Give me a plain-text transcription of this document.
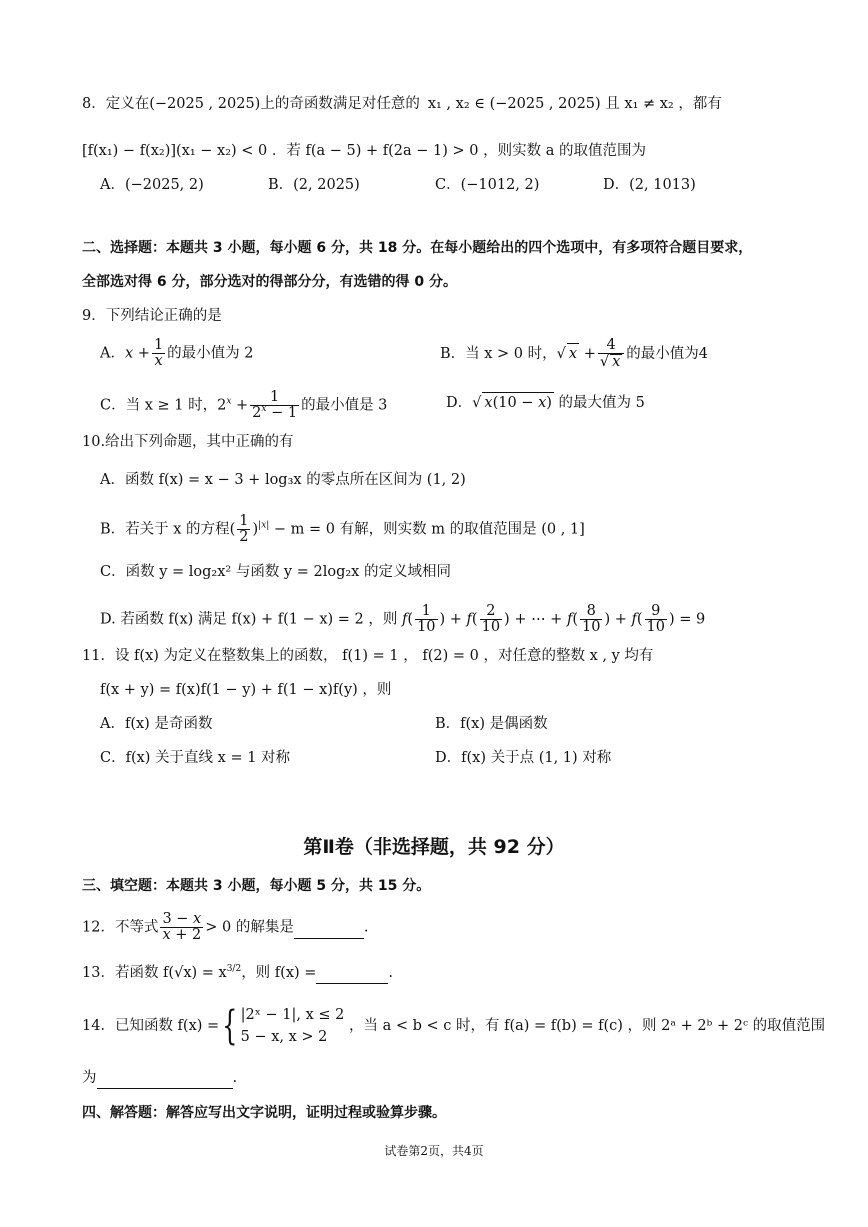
8．定义在(−2025 , 2025)上的奇函数满足对任意的 x₁ , x₂ ∈ (−2025 , 2025) 且 x₁ ≠ x₂ ，都有
[f(x₁) − f(x₂)](x₁ − x₂) < 0 ．若 f(a − 5) + f(2a − 1) > 0 ，则实数 a 的取值范围为
A．(−2025, 2)	B．(2, 2025)	C．(−1012, 2)	D．(2, 1013)
二、选择题：本题共 3 小题，每小题 6 分，共 18 分。在每小题给出的四个选项中，有多项符合题目要求，
全部选对得 6 分，部分选对的得部分分，有选错的得 0 分。
9．下列结论正确的是
A．$x + \frac{1}{x}$ 的最小值为 2	B．当 x > 0 时，√ $x + \frac{4}{√ x}$ 的最小值为4
C．当 x ≥ 1 时，$2^x + \frac{1}{2^x - 1}$ 的最小值是 3	D．√ x(10 − x) 的最大值为 5
10.给出下列命题，其中正确的有
A．函数 f(x) = x − 3 + log₃x 的零点所在区间为 (1, 2)
B．若关于 x 的方程( $\frac{1}{2} )^{|x|} - m = 0$ 有解，则实数 m 的取值范围是 (0 , 1]
C．函数 y = log₂x² 与函数 y = 2log₂x 的定义域相同
D. 若函数 f(x) 满足 f(x) + f(1 − x) = 2 ，则 $f( \frac{1}{10}$ ) + $f( \frac{2}{10}$ ) + ⋯ + $f( \frac{8}{10}$ ) + $f( \frac{9}{10}$ ) = 9
11．设 f(x) 为定义在整数集上的函数， f(1) = 1 ， f(2) = 0 ，对任意的整数 x , y 均有
f(x + y) = f(x)f(1 − y) + f(1 − x)f(y) ，则
A．f(x) 是奇函数	B．f(x) 是偶函数
C．f(x) 关于直线 x = 1 对称	D．f(x) 关于点 (1, 1) 对称
第Ⅱ卷（非选择题，共 92 分）
三、填空题：本题共 3 小题，每小题 5 分，共 15 分。
12．不等式 $\frac{3 - x}{x + 2} > 0$ 的解集是	.
13．若函数 $f(√x) = x^{3/2}$，则 f(x) =	.
14．已知函数 f(x) ={ |2ˣ − 1|, x ≤ 2
5 − x, x > 2
，当 a < b < c 时，有 f(a) = f(b) = f(c) ，则 2ᵃ + 2ᵇ + 2ᶜ 的取值范围
为	.
四、解答题：解答应写出文字说明，证明过程或验算步骤。
试卷第2页，共4页
